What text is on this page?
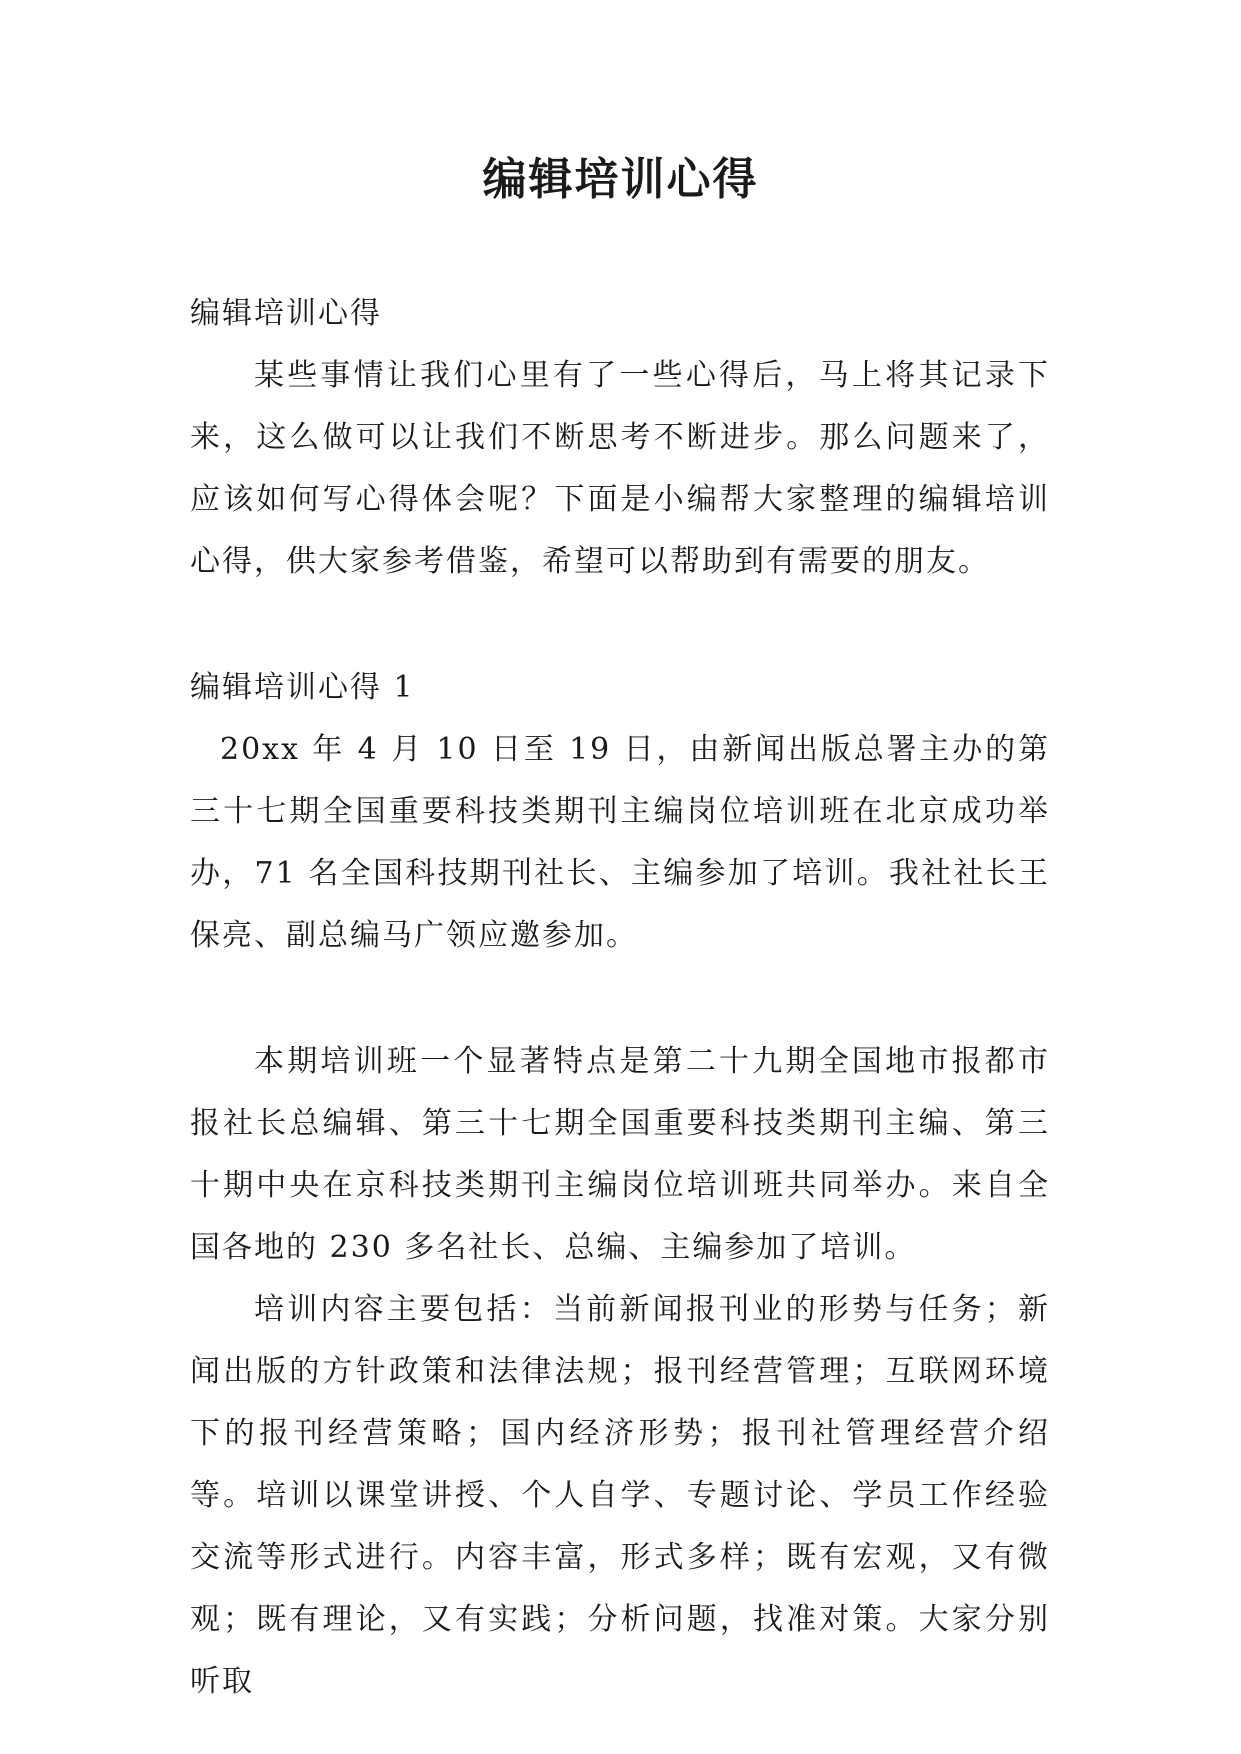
编辑培训心得

编辑培训心得

某些事情让我们心里有了一些心得后，马上将其记录下来，这么做可以让我们不断思考不断进步。那么问题来了，应该如何写心得体会呢？下面是小编帮大家整理的编辑培训心得，供大家参考借鉴，希望可以帮助到有需要的朋友。

编辑培训心得 1

20xx 年 4 月 10 日至 19 日，由新闻出版总署主办的第三十七期全国重要科技类期刊主编岗位培训班在北京成功举办，71 名全国科技期刊社长、主编参加了培训。我社社长王保亮、副总编马广领应邀参加。

本期培训班一个显著特点是第二十九期全国地市报都市报社长总编辑、第三十七期全国重要科技类期刊主编、第三十期中央在京科技类期刊主编岗位培训班共同举办。来自全国各地的 230 多名社长、总编、主编参加了培训。

培训内容主要包括：当前新闻报刊业的形势与任务；新闻出版的方针政策和法律法规；报刊经营管理；互联网环境下的报刊经营策略；国内经济形势；报刊社管理经营介绍等。培训以课堂讲授、个人自学、专题讨论、学员工作经验交流等形式进行。内容丰富，形式多样；既有宏观，又有微观；既有理论，又有实践；分析问题，找准对策。大家分别听取
